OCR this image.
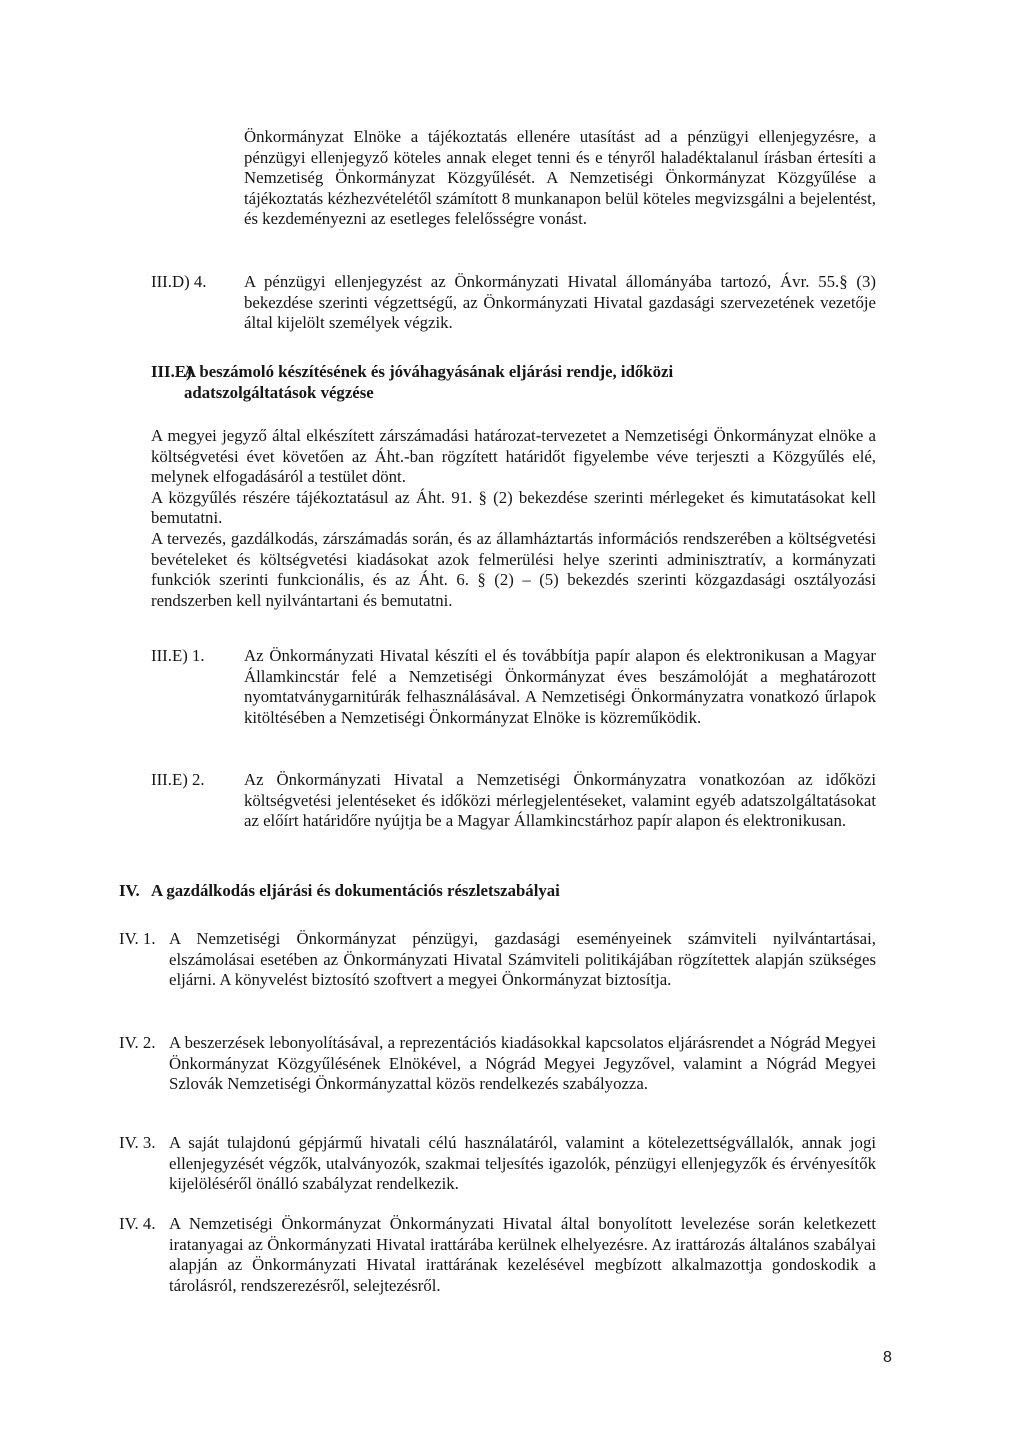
Önkormányzat Elnöke a tájékoztatás ellenére utasítást ad a pénzügyi ellenjegyzésre, a pénzügyi ellenjegyző köteles annak eleget tenni és e tényről haladéktalanul írásban értesíti a Nemzetiség Önkormányzat Közgyűlését. A Nemzetiségi Önkormányzat Közgyűlése a tájékoztatás kézhezvételétől számított 8 munkanapon belül köteles megvizsgálni a bejelentést, és kezdeményezni az esetleges felelősségre vonást.

III.D) 4. A pénzügyi ellenjegyzést az Önkormányzati Hivatal állományába tartozó, Ávr. 55.§ (3) bekezdése szerinti végzettségű, az Önkormányzati Hivatal gazdasági szervezetének vezetője által kijelölt személyek végzik.
III.E)
A beszámoló készítésének és jóváhagyásának eljárási rendje, időközi adatszolgáltatások végzése

A megyei jegyző által elkészített zárszámadási határozat-tervezetet a Nemzetiségi Önkormányzat elnöke a költségvetési évet követően az Áht.-ban rögzített határidőt figyelembe véve terjeszti a Közgyűlés elé, melynek elfogadásáról a testület dönt.

A közgyűlés részére tájékoztatásul az Áht. 91. § (2) bekezdése szerinti mérlegeket és kimutatásokat kell bemutatni.

A tervezés, gazdálkodás, zárszámadás során, és az államháztartás információs rendszerében a költségvetési bevételeket és költségvetési kiadásokat azok felmerülési helye szerinti adminisztratív, a kormányzati funkciók szerinti funkcionális, és az Áht. 6. § (2) – (5) bekezdés szerinti közgazdasági osztályozási rendszerben kell nyilvántartani és bemutatni.

III.E) 1. Az Önkormányzati Hivatal készíti el és továbbítja papír alapon és elektronikusan a Magyar Államkincstár felé a Nemzetiségi Önkormányzat éves beszámolóját a meghatározott nyomtatványgarnitúrák felhasználásával. A Nemzetiségi Önkormányzatra vonatkozó űrlapok kitöltésében a Nemzetiségi Önkormányzat Elnöke is közreműködik.
III.E) 2. Az Önkormányzati Hivatal a Nemzetiségi Önkormányzatra vonatkozóan az időközi költségvetési jelentéseket és időközi mérlegjelentéseket, valamint egyéb adatszolgáltatásokat az előírt határidőre nyújtja be a Magyar Államkincstárhoz papír alapon és elektronikusan.
IV. A gazdálkodás eljárási és dokumentációs részletszabályai
IV. 1. A Nemzetiségi Önkormányzat pénzügyi, gazdasági eseményeinek számviteli nyilvántartásai, elszámolásai esetében az Önkormányzati Hivatal Számviteli politikájában rögzítettek alapján szükséges eljárni. A könyvelést biztosító szoftvert a megyei Önkormányzat biztosítja.
IV. 2. A beszerzések lebonyolításával, a reprezentációs kiadásokkal kapcsolatos eljárásrendet a Nógrád Megyei Önkormányzat Közgyűlésének Elnökével, a Nógrád Megyei Jegyzővel, valamint a Nógrád Megyei Szlovák Nemzetiségi Önkormányzattal közös rendelkezés szabályozza.
IV. 3. A saját tulajdonú gépjármű hivatali célú használatáról, valamint a kötelezettségvállalók, annak jogi ellenjegyzését végzők, utalványozók, szakmai teljesítés igazolók, pénzügyi ellenjegyzők és érvényesítők kijelöléséről önálló szabályzat rendelkezik.
IV. 4. A Nemzetiségi Önkormányzat Önkormányzati Hivatal által bonyolított levelezése során keletkezett iratanyagai az Önkormányzati Hivatal irattárába kerülnek elhelyezésre. Az irattározás általános szabályai alapján az Önkormányzati Hivatal irattárának kezelésével megbízott alkalmazottja gondoskodik a tárolásról, rendszerezésről, selejtezésről.
8
